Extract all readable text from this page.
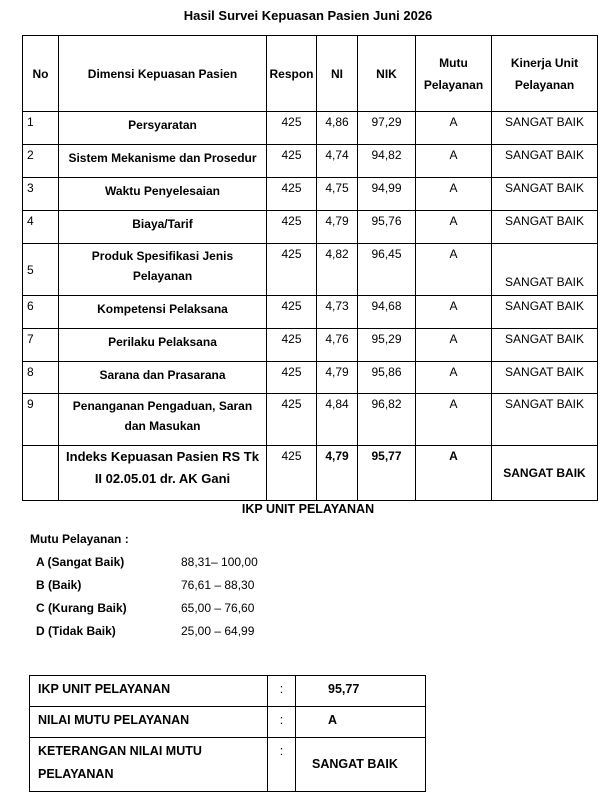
Hasil Survei Kepuasan Pasien Juni 2026
No	Dimensi Kepuasan Pasien	Respon	NI	NIK	Mutu Pelayanan	Kinerja Unit Pelayanan
1	Persyaratan	425	4,86	97,29	A	SANGAT BAIK
2	Sistem Mekanisme dan Prosedur	425	4,74	94,82	A	SANGAT BAIK
3	Waktu Penyelesaian	425	4,75	94,99	A	SANGAT BAIK
4	Biaya/Tarif	425	4,79	95,76	A	SANGAT BAIK
5	Produk Spesifikasi Jenis Pelayanan	425	4,82	96,45	A	SANGAT BAIK
6	Kompetensi Pelaksana	425	4,73	94,68	A	SANGAT BAIK
7	Perilaku Pelaksana	425	4,76	95,29	A	SANGAT BAIK
8	Sarana dan Prasarana	425	4,79	95,86	A	SANGAT BAIK
9	Penanganan Pengaduan, Saran dan Masukan	425	4,84	96,82	A	SANGAT BAIK
	Indeks Kepuasan Pasien RS Tk II 02.05.01 dr. AK Gani	425	4,79	95,77	A	SANGAT BAIK
IKP UNIT PELAYANAN
Mutu Pelayanan :
A (Sangat Baik)	88,31– 100,00
B (Baik)	76,61 – 88,30
C (Kurang Baik)	65,00 – 76,60
D (Tidak Baik)	25,00 – 64,99
IKP UNIT PELAYANAN	:	95,77
NILAI MUTU PELAYANAN	:	A
KETERANGAN NILAI MUTU PELAYANAN	:	SANGAT BAIK
